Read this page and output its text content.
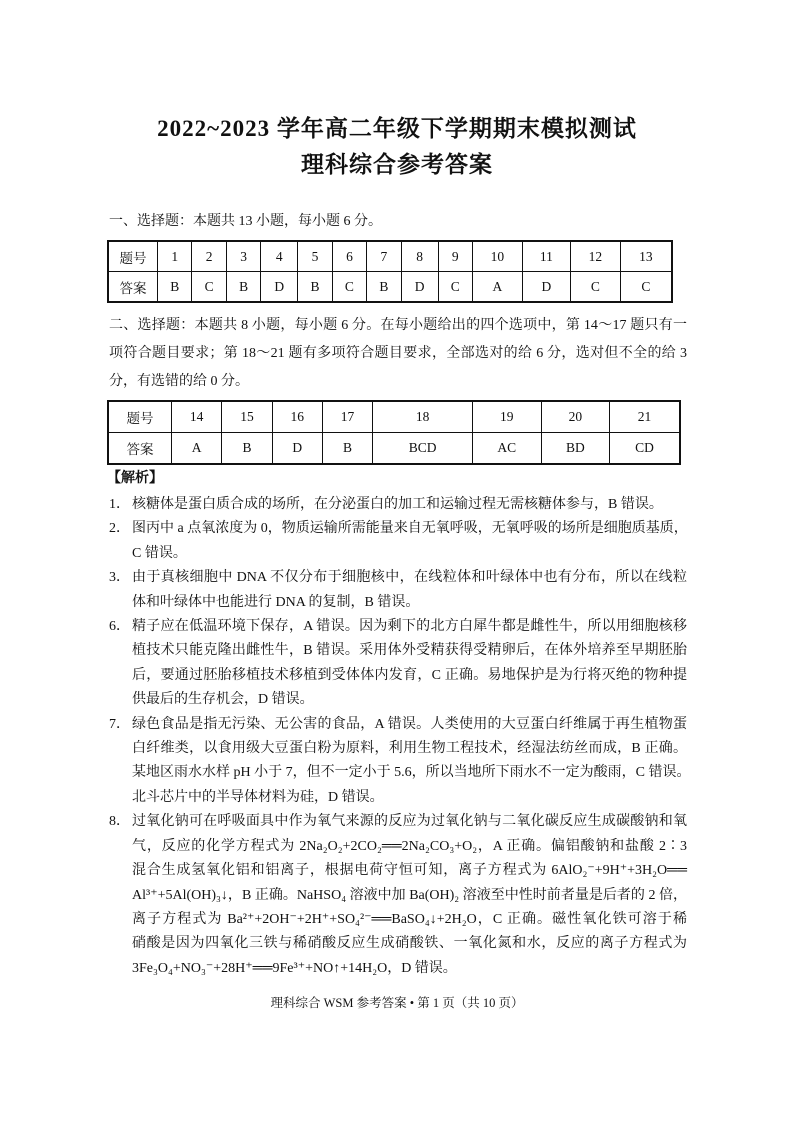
2022~2023 学年高二年级下学期期末模拟测试
理科综合参考答案
一、选择题：本题共 13 小题，每小题 6 分。
题号	1	2	3	4	5	6	7	8	9	10	11	12	13
答案	B	C	B	D	B	C	B	D	C	A	D	C	C
二、选择题：本题共 8 小题，每小题 6 分。在每小题给出的四个选项中，第 14～17 题只有一
项符合题目要求；第 18～21 题有多项符合题目要求，全部选对的给 6 分，选对但不全的给 3
分，有选错的给 0 分。
题号	14	15	16	17	18	19	20	21
答案	A	B	D	B	BCD	AC	BD	CD
【解析】
1． 核糖体是蛋白质合成的场所，在分泌蛋白的加工和运输过程无需核糖体参与，B 错误。
2． 图丙中 a 点氧浓度为 0，物质运输所需能量来自无氧呼吸，无氧呼吸的场所是细胞质基质，
C 错误。
3． 由于真核细胞中 DNA 不仅分布于细胞核中，在线粒体和叶绿体中也有分布，所以在线粒
体和叶绿体中也能进行 DNA 的复制，B 错误。
6． 精子应在低温环境下保存，A 错误。因为剩下的北方白犀牛都是雌性牛，所以用细胞核移
植技术只能克隆出雌性牛，B 错误。采用体外受精获得受精卵后，在体外培养至早期胚胎
后，要通过胚胎移植技术移植到受体体内发育，C 正确。易地保护是为行将灭绝的物种提
供最后的生存机会，D 错误。
7． 绿色食品是指无污染、无公害的食品，A 错误。人类使用的大豆蛋白纤维属于再生植物蛋
白纤维类，以食用级大豆蛋白粉为原料，利用生物工程技术，经湿法纺丝而成，B 正确。
某地区雨水水样 pH 小于 7，但不一定小于 5.6，所以当地所下雨水不一定为酸雨，C 错误。
北斗芯片中的半导体材料为硅，D 错误。
8． 过氧化钠可在呼吸面具中作为氧气来源的反应为过氧化钠与二氧化碳反应生成碳酸钠和氧
气，反应的化学方程式为 2Na₂O₂+2CO₂══2Na₂CO₃+O₂，A 正确。偏铝酸钠和盐酸 2∶3
混合生成氢氧化铝和铝离子，根据电荷守恒可知，离子方程式为 6AlO₂⁻+9H⁺+3H₂O══
Al³⁺+5Al(OH)₃↓，B 正确。NaHSO₄ 溶液中加 Ba(OH)₂ 溶液至中性时前者量是后者的 2 倍，
离子方程式为 Ba²⁺+2OH⁻+2H⁺+SO₄²⁻══BaSO₄↓+2H₂O，C 正确。磁性氧化铁可溶于稀
硝酸是因为四氧化三铁与稀硝酸反应生成硝酸铁、一氧化氮和水，反应的离子方程式为
3Fe₃O₄+NO₃⁻+28H⁺══9Fe³⁺+NO↑+14H₂O，D 错误。
理科综合 WSM 参考答案 • 第 1 页（共 10 页）
